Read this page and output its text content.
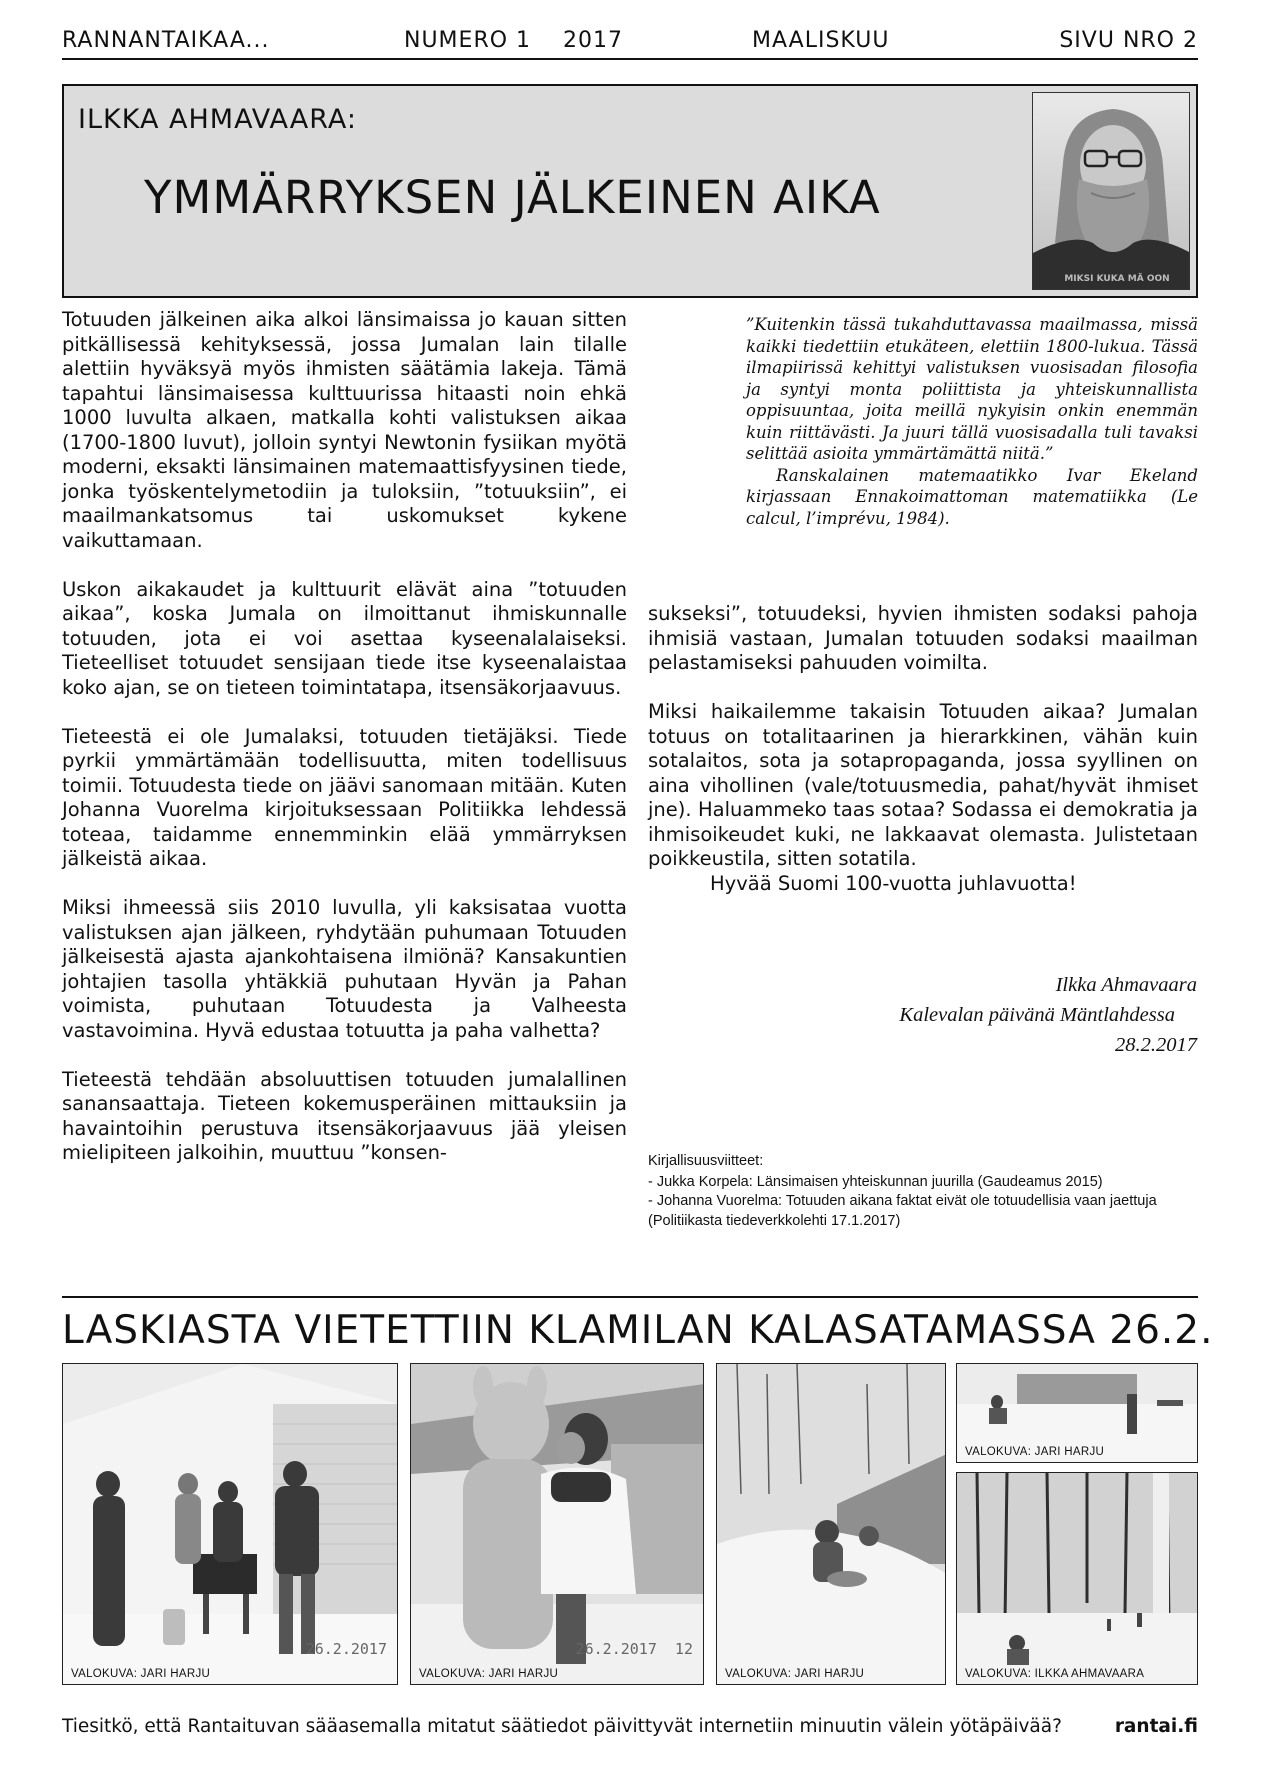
RANNANTAIKAA...	NUMERO 1    2017	MAALISKUU	SIVU NRO 2
ILKKA AHMAVAARA:
YMMÄRRYKSEN JÄLKEINEN AIKA
MIKSI KUKA MÄ OON

Totuuden jälkeinen aika alkoi länsimaissa jo kauan sitten pitkällisessä kehityksessä, jossa Jumalan lain tilalle alettiin hyväksyä myös ihmisten säätämia lakeja. Tämä tapahtui länsimaisessa kulttuurissa hitaasti noin ehkä 1000 luvulta alkaen, matkalla kohti valistuksen aikaa (1700-1800 luvut), jolloin syntyi Newtonin fysiikan myötä moderni, eksakti länsimainen matemaattisfyysinen tiede, jonka työskentelymetodiin ja tuloksiin, ”totuuksiin”, ei maailmankatsomus tai uskomukset kykene vaikuttamaan.

Uskon aikakaudet ja kulttuurit elävät aina ”totuuden aikaa”, koska Jumala on ilmoittanut ihmiskunnalle totuuden, jota ei voi asettaa kyseenalalaiseksi. Tieteelliset totuudet sensijaan tiede itse kyseenalaistaa koko ajan, se on tieteen toimintatapa, itsensäkorjaavuus.

Tieteestä ei ole Jumalaksi, totuuden tietäjäksi. Tiede pyrkii ymmärtämään todellisuutta, miten todellisuus toimii. Totuudesta tiede on jäävi sanomaan mitään. Kuten Johanna Vuorelma kirjoituksessaan Politiikka lehdessä toteaa, taidamme ennemminkin elää ymmärryksen jälkeistä aikaa.

Miksi ihmeessä siis 2010 luvulla, yli kaksisataa vuotta valistuksen ajan jälkeen, ryhdytään puhumaan Totuuden jälkeisestä ajasta ajankohtaisena ilmiönä? Kansakuntien johtajien tasolla yhtäkkiä puhutaan Hyvän ja Pahan voimista, puhutaan Totuudesta ja Valheesta vastavoimina. Hyvä edustaa totuutta ja paha valhetta?

Tieteestä tehdään absoluuttisen totuuden jumalallinen sanansaattaja. Tieteen kokemusperäinen mittauksiin ja havaintoihin perustuva itsensäkorjaavuus jää yleisen mielipiteen jalkoihin, muuttuu ”konsen-

”Kuitenkin tässä tukahduttavassa maailmassa, missä kaikki tiedettiin etukäteen, elettiin 1800-lukua. Tässä ilmapiirissä kehittyi valistuksen vuosisadan filosofia ja syntyi monta poliittista ja yhteiskunnallista oppisuuntaa, joita meillä nykyisin onkin enemmän kuin riittävästi. Ja juuri tällä vuosisadalla tuli tavaksi selittää asioita ymmärtämättä niitä.”

Ranskalainen matemaatikko Ivar Ekeland kirjassaan Ennakoimattoman matematiikka (Le calcul, l’imprévu, 1984).

sukseksi”, totuudeksi, hyvien ihmisten sodaksi pahoja ihmisiä vastaan, Jumalan totuuden sodaksi maailman pelastamiseksi pahuuden voimilta.

Miksi haikailemme takaisin Totuuden aikaa? Jumalan totuus on totalitaarinen ja hierarkkinen, vähän kuin sotalaitos, sota ja sotapropaganda, jossa syyllinen on aina vihollinen (vale/totuusmedia, pahat/hyvät ihmiset jne). Haluammeko taas sotaa? Sodassa ei demokratia ja ihmisoikeudet kuki, ne lakkaavat olemasta. Julistetaan poikkeustila, sitten sotatila.

Hyvää Suomi 100-vuotta juhlavuotta!

Ilkka Ahmavaara
Kalevalan päivänä Mäntlahdessa
28.2.2017
Kirjallisuusviitteet:
- Jukka Korpela: Länsimaisen yhteiskunnan juurilla (Gaudeamus 2015)
- Johanna Vuorelma: Totuuden aikana faktat eivät ole totuudellisia vaan jaettuja (Politiikasta tiedeverkkolehti 17.1.2017)
LASKIASTA VIETETTIIN KLAMILAN KALASATAMASSA 26.2.
26.2.2017
VALOKUVA: JARI HARJU
26.2.2017  12
VALOKUVA: JARI HARJU	VALOKUVA: JARI HARJU
VALOKUVA: JARI HARJU
VALOKUVA: ILKKA AHMAVAARA
Tiesitkö, että Rantaituvan sääasemalla mitatut säätiedot päivittyvät internetiin minuutin välein yötäpäivää?	rantai.fi
